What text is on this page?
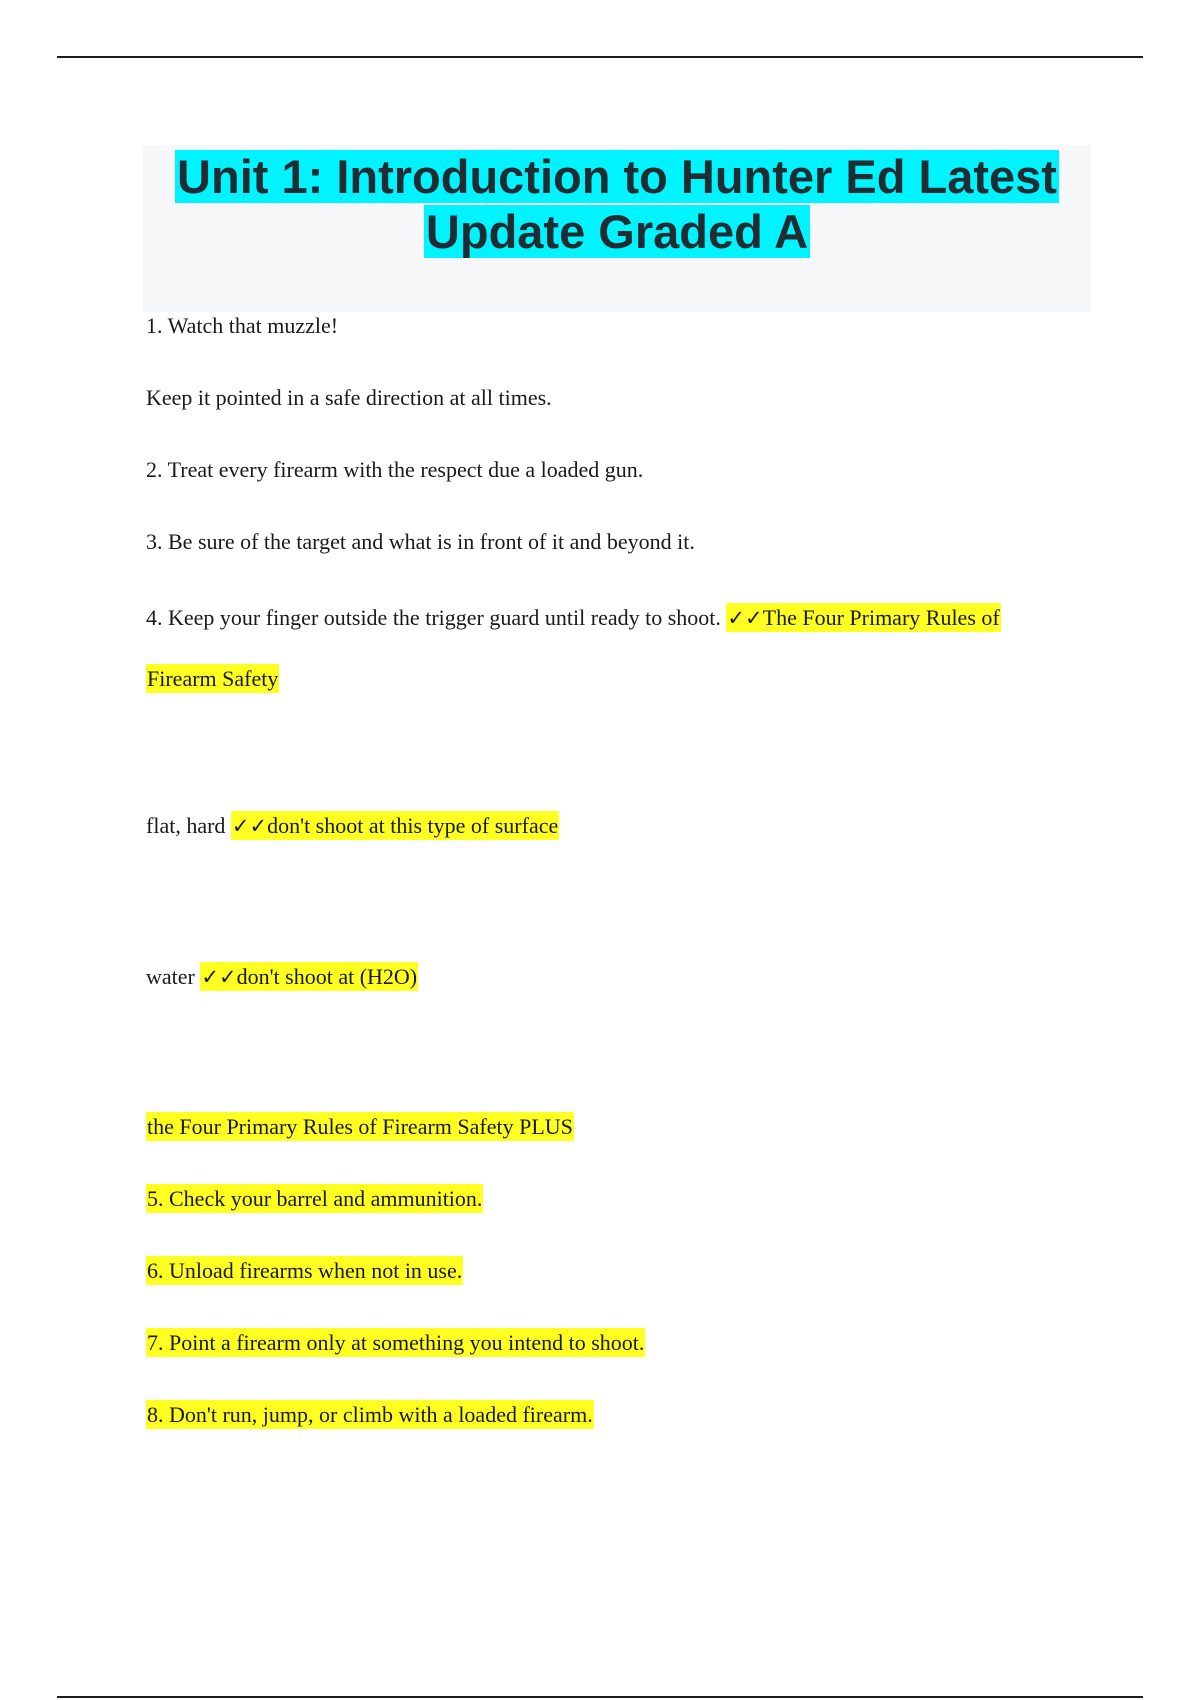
Unit 1: Introduction to Hunter Ed Latest
Update Graded A

1. Watch that muzzle!

Keep it pointed in a safe direction at all times.

2. Treat every firearm with the respect due a loaded gun.

3. Be sure of the target and what is in front of it and beyond it.

4. Keep your finger outside the trigger guard until ready to shoot. ✓✓The Four Primary Rules of

Firearm Safety

flat, hard ✓✓don't shoot at this type of surface

water ✓✓don't shoot at (H2O)

the Four Primary Rules of Firearm Safety PLUS

5. Check your barrel and ammunition.

6. Unload firearms when not in use.

7. Point a firearm only at something you intend to shoot.

8. Don't run, jump, or climb with a loaded firearm.
